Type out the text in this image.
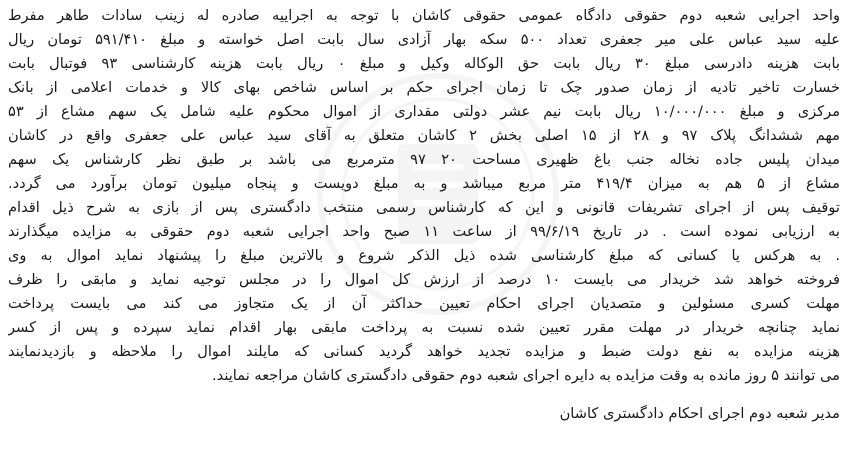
واحد اجرایی شعبه دوم حقوقی دادگاه عمومی حقوقی کاشان با توجه به اجراییه صادره له زینب سادات طاهر مفرط
علیه سید عباس علی میر جعفری تعداد ۵۰۰ سکه بهار آزادی سال بابت اصل خواسته و مبلغ ۵۹۱/۴۱۰ تومان ریال
بابت هزینه دادرسی مبلغ ۳۰ ریال بابت حق الوکاله وکیل و مبلغ ۰ ریال بابت هزینه کارشناسی ۹۳ فوتبال بابت
خسارت تاخیر تادیه از زمان صدور چک تا زمان اجرای حکم بر اساس شاخص بهای کالا و خدمات اعلامی از بانک
مرکزی و مبلغ ۱۰/۰۰۰/۰۰۰ ریال بابت نیم عشر دولتی مقداری از اموال محکوم علیه شامل یک سهم مشاع از ۵۳
مهم ششدانگ پلاک ۹۷ و ۲۸ از ۱۵ اصلی بخش ۲ کاشان متعلق به آقای سید عباس علی جعفری واقع در کاشان
میدان پلیس جاده نخاله جنب باغ ظهیری مساحت ۲۰ ۹۷ مترمربع می باشد بر طبق نظر کارشناس یک سهم
مشاع از ۵ هم به میزان ۴۱۹/۴ متر مربع میباشد و به مبلغ دویست و پنجاه میلیون تومان برآورد می گردد.
توقیف پس از اجرای تشریفات قانونی و این که کارشناس رسمی منتخب دادگستری پس از بازی به شرح ذیل اقدام
به ارزیابی نموده است . در تاریخ ۹۹/۶/۱۹ از ساعت ۱۱ صبح واحد اجرایی شعبه دوم حقوقی به مزایده میگذارند
. به هرکس یا کسانی که مبلغ کارشناسی شده ذیل الذکر شروع و بالاترین مبلغ را پیشنهاد نماید اموال به وی
فروخته خواهد شد خریدار می بایست ۱۰ درصد از ارزش کل اموال را در مجلس توجیه نماید و مابقی را ظرف
مهلت کسری مسئولین و متصدیان اجرای احکام تعیین حداکثر آن از یک متجاوز می کند می بایست پرداخت
نماید چنانچه خریدار در مهلت مقرر تعیین شده نسبت به پرداخت مابقی بهار اقدام نماید سپرده و پس از کسر
هزینه مزایده به نفع دولت ضبط و مزایده تجدید خواهد گردید کسانی که مایلند اموال را ملاحظه و بازدیدنمایند
می توانند ۵ روز مانده به وقت مزایده به دایره اجرای شعبه دوم حقوقی دادگستری کاشان مراجعه نمایند.
مدیر شعبه دوم اجرای احکام دادگستری کاشان
